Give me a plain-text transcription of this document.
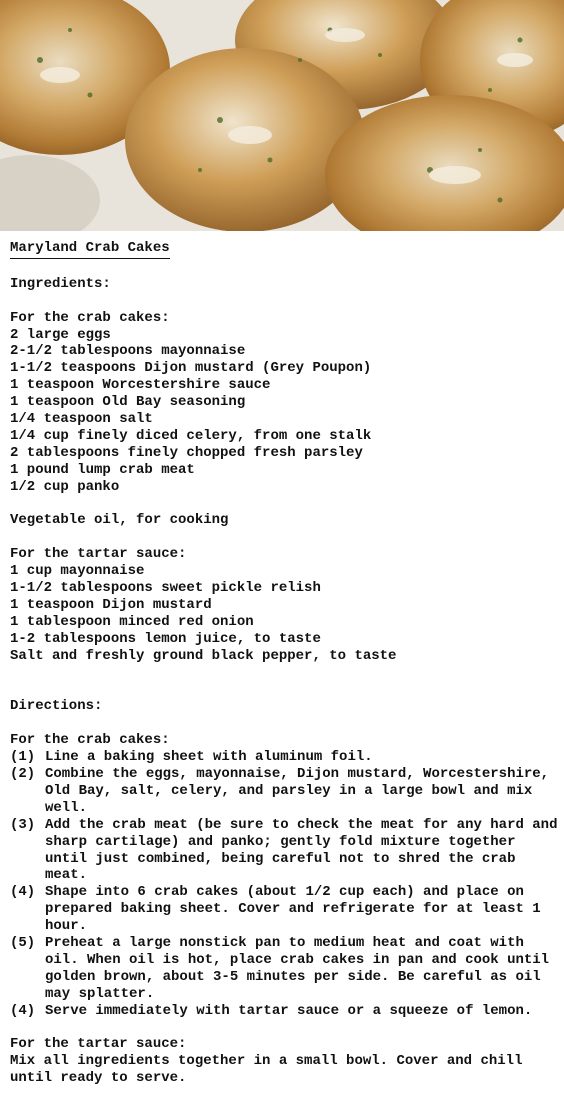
Maryland Crab Cakes
Ingredients:
For the crab cakes:
2 large eggs
2-1/2 tablespoons mayonnaise
1-1/2 teaspoons Dijon mustard (Grey Poupon)
1 teaspoon Worcestershire sauce
1 teaspoon Old Bay seasoning
1/4 teaspoon salt
1/4 cup finely diced celery, from one stalk
2 tablespoons finely chopped fresh parsley
1 pound lump crab meat
1/2 cup panko
Vegetable oil, for cooking
For the tartar sauce:
1 cup mayonnaise
1-1/2 tablespoons sweet pickle relish
1 teaspoon Dijon mustard
1 tablespoon minced red onion
1-2 tablespoons lemon juice, to taste
Salt and freshly ground black pepper, to taste
Directions:
For the crab cakes:
(1) Line a baking sheet with aluminum foil.
(2) Combine the eggs, mayonnaise, Dijon mustard, Worcestershire, Old Bay, salt, celery, and parsley in a large bowl and mix well.
(3) Add the crab meat (be sure to check the meat for any hard and sharp cartilage) and panko; gently fold mixture together until just combined, being careful not to shred the crab meat.
(4) Shape into 6 crab cakes (about 1/2 cup each) and place on prepared baking sheet. Cover and refrigerate for at least 1 hour.
(5) Preheat a large nonstick pan to medium heat and coat with oil. When oil is hot, place crab cakes in pan and cook until golden brown, about 3-5 minutes per side. Be careful as oil may splatter.
(4) Serve immediately with tartar sauce or a squeeze of lemon.
For the tartar sauce:
Mix all ingredients together in a small bowl. Cover and chill until ready to serve.
